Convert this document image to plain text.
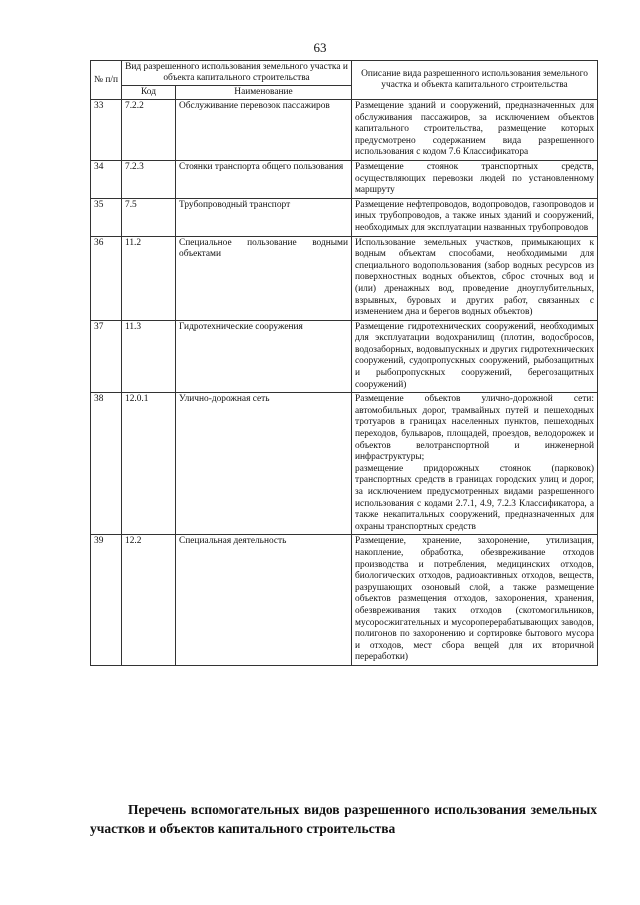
63
№ п/п	Вид разрешенного использования земельного участка и объекта капитального строительства		Описание вида разрешенного использования земельного участка и объекта капитального строительства
	Код	Наименование	
33	7.2.2	Обслуживание перевозок пассажиров	Размещение зданий и сооружений, предназначенных для обслуживания пассажиров, за исключением объектов капитального строительства, размещение которых предусмотрено содержанием вида разрешенного использования с кодом 7.6 Классификатора
34	7.2.3	Стоянки транспорта общего пользования	Размещение стоянок транспортных средств, осуществляющих перевозки людей по установленному маршруту
35	7.5	Трубопроводный транспорт	Размещение нефтепроводов, водопроводов, газопроводов и иных трубопроводов, а также иных зданий и сооружений, необходимых для эксплуатации названных трубопроводов
36	11.2	Специальное пользование водными объектами	Использование земельных участков, примыкающих к водным объектам способами, необходимыми для специального водопользования (забор водных ресурсов из поверхностных водных объектов, сброс сточных вод и (или) дренажных вод, проведение дноуглубительных, взрывных, буровых и других работ, связанных с изменением дна и берегов водных объектов)
37	11.3	Гидротехнические сооружения	Размещение гидротехнических сооружений, необходимых для эксплуатации водохранилищ (плотин, водосбросов, водозаборных, водовыпускных и других гидротехнических сооружений, судопропускных сооружений, рыбозащитных и рыбопропускных сооружений, берегозащитных сооружений)
38	12.0.1	Улично-дорожная сеть	Размещение объектов улично-дорожной сети: автомобильных дорог, трамвайных путей и пешеходных тротуаров в границах населенных пунктов, пешеходных переходов, бульваров, площадей, проездов, велодорожек и объектов велотранспортной и инженерной инфраструктуры;
размещение придорожных стоянок (парковок) транспортных средств в границах городских улиц и дорог, за исключением предусмотренных видами разрешенного использования с кодами 2.7.1, 4.9, 7.2.3 Классификатора, а также некапитальных сооружений, предназначенных для охраны транспортных средств

39	12.2	Специальная деятельность	Размещение, хранение, захоронение, утилизация, накопление, обработка, обезвреживание отходов производства и потребления, медицинских отходов, биологических отходов, радиоактивных отходов, веществ, разрушающих озоновый слой, а также размещение объектов размещения отходов, захоронения, хранения, обезвреживания таких отходов (скотомогильников, мусоросжигательных и мусороперерабатывающих заводов, полигонов по захоронению и сортировке бытового мусора и отходов, мест сбора вещей для их вторичной переработки)
Перечень вспомогательных видов разрешенного использования земельных участков и объектов капитального строительства
